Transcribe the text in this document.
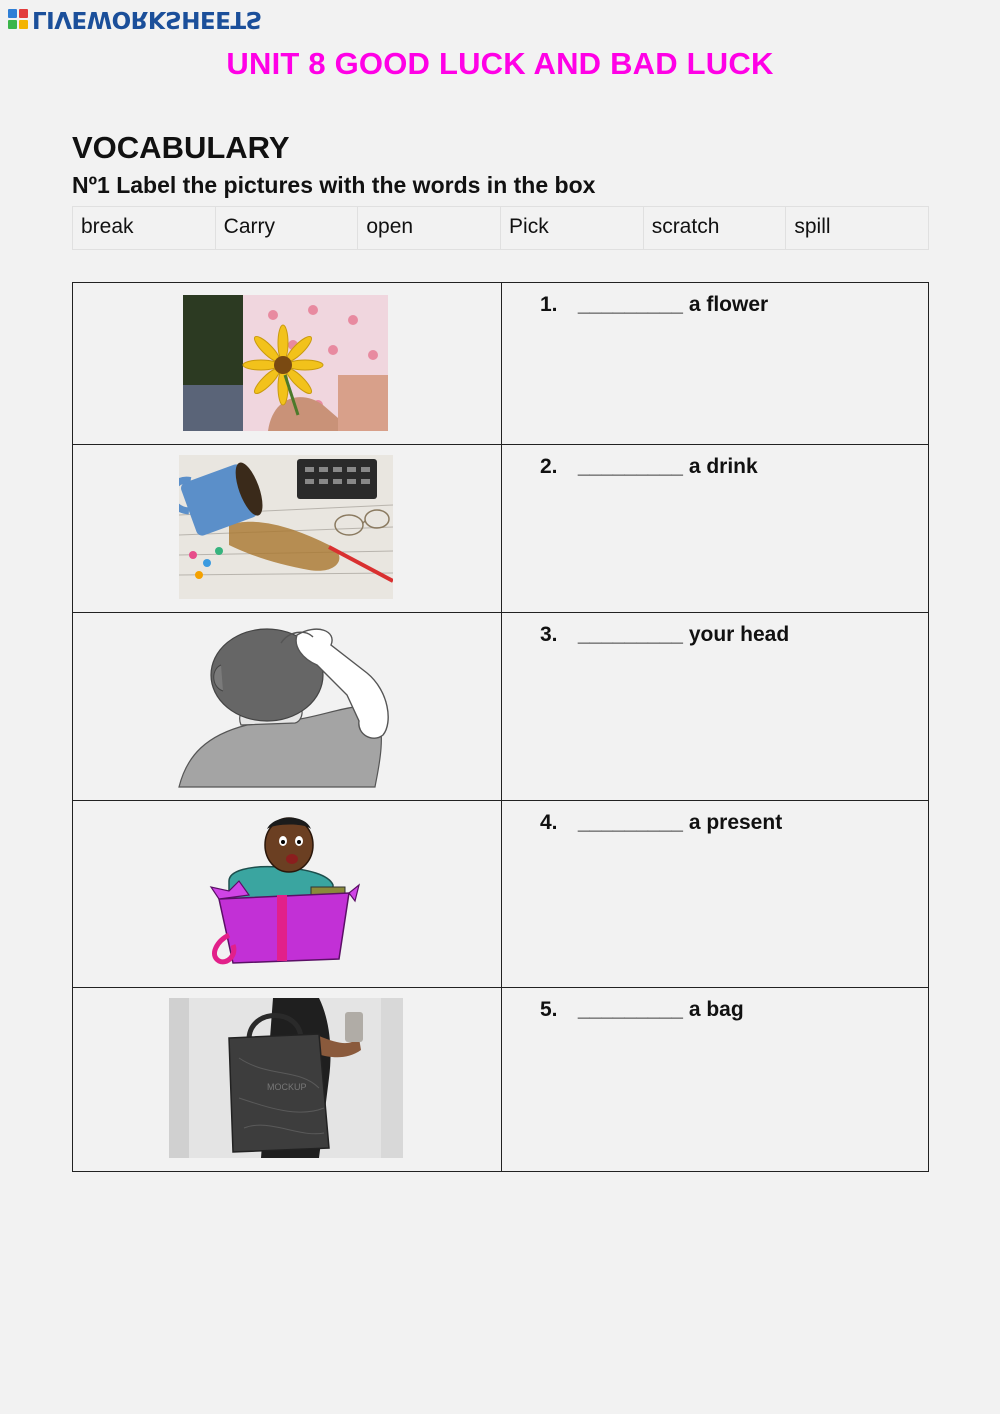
LIVEWORKSHEETS
UNIT 8 GOOD LUCK AND BAD LUCK
VOCABULARY
Nº1 Label the pictures with the words in the box
break	Carry	open	Pick	scratch	spill

1. _________ a flower

2. _________ a drink

3. _________ your head

4. _________ a present

MOCKUP	5. _________ a bag
